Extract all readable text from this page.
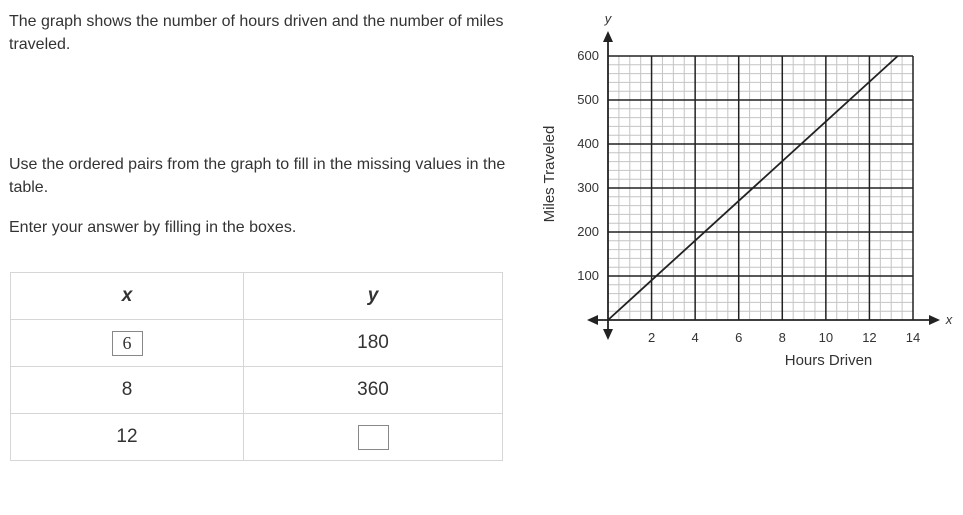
The graph shows the number of hours driven and the number of miles traveled.

Use the ordered pairs from the graph to fill in the missing values in the table.

Enter your answer by filling in the boxes.

x	y
6	180
8	360
12	
2	4	6	8	10 12 14
100
200
300
400
500
600
y
x
Hours Driven
Miles Traveled
